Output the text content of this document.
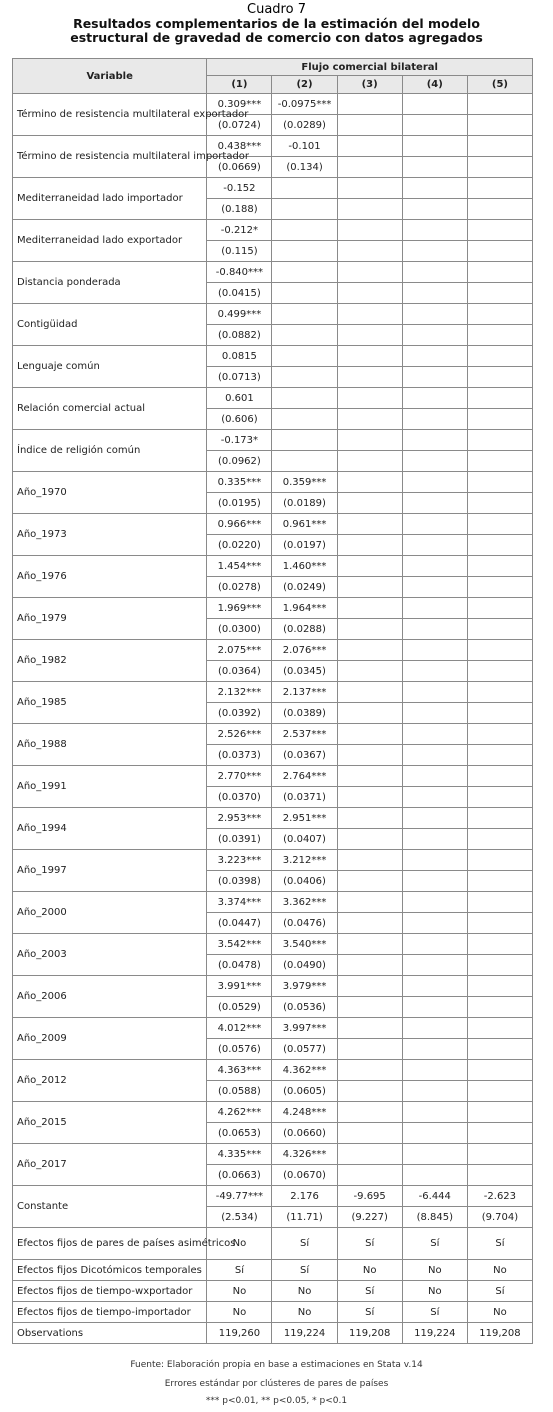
Cuadro 7
Resultados complementarios de la estimación del modelo
estructural de gravedad de comercio con datos agregados
Variable	Flujo comercial bilateral				
	(1)	(2)	(3)	(4)	(5)
Término de resistencia multilateral exportador	0.309***	-0.0975***			
	(0.0724)	(0.0289)			
Término de resistencia multilateral importador	0.438***	-0.101			
	(0.0669)	(0.134)			
Mediterraneidad lado importador	-0.152				
	(0.188)				
Mediterraneidad lado exportador	-0.212*				
	(0.115)				
Distancia ponderada	-0.840***				
	(0.0415)				
Contigüidad	0.499***				
	(0.0882)				
Lenguaje común	0.0815				
	(0.0713)				
Relación comercial actual	0.601				
	(0.606)				
Índice de religión común	-0.173*				
	(0.0962)				
Año_1970	0.335***	0.359***			
	(0.0195)	(0.0189)			
Año_1973	0.966***	0.961***			
	(0.0220)	(0.0197)			
Año_1976	1.454***	1.460***			
	(0.0278)	(0.0249)			
Año_1979	1.969***	1.964***			
	(0.0300)	(0.0288)			
Año_1982	2.075***	2.076***			
	(0.0364)	(0.0345)			
Año_1985	2.132***	2.137***			
	(0.0392)	(0.0389)			
Año_1988	2.526***	2.537***			
	(0.0373)	(0.0367)			
Año_1991	2.770***	2.764***			
	(0.0370)	(0.0371)			
Año_1994	2.953***	2.951***			
	(0.0391)	(0.0407)			
Año_1997	3.223***	3.212***			
	(0.0398)	(0.0406)			
Año_2000	3.374***	3.362***			
	(0.0447)	(0.0476)			
Año_2003	3.542***	3.540***			
	(0.0478)	(0.0490)			
Año_2006	3.991***	3.979***			
	(0.0529)	(0.0536)			
Año_2009	4.012***	3.997***			
	(0.0576)	(0.0577)			
Año_2012	4.363***	4.362***			
	(0.0588)	(0.0605)			
Año_2015	4.262***	4.248***			
	(0.0653)	(0.0660)			
Año_2017	4.335***	4.326***			
	(0.0663)	(0.0670)			
Constante	-49.77***	2.176	-9.695	-6.444	-2.623
	(2.534)	(11.71)	(9.227)	(8.845)	(9.704)
Efectos fijos de pares de países asimétricos	No	Sí	Sí	Sí	Sí
Efectos fijos Dicotómicos temporales	Sí	Sí	No	No	No
Efectos fijos de tiempo-wxportador	No	No	Sí	No	Sí
Efectos fijos de tiempo-importador	No	No	Sí	Sí	No
Observations	119,260	119,224	119,208	119,224	119,208
Fuente: Elaboración propia en base a estimaciones en Stata v.14
Errores estándar por clústeres de pares de países
*** p<0.01, ** p<0.05, * p<0.1
